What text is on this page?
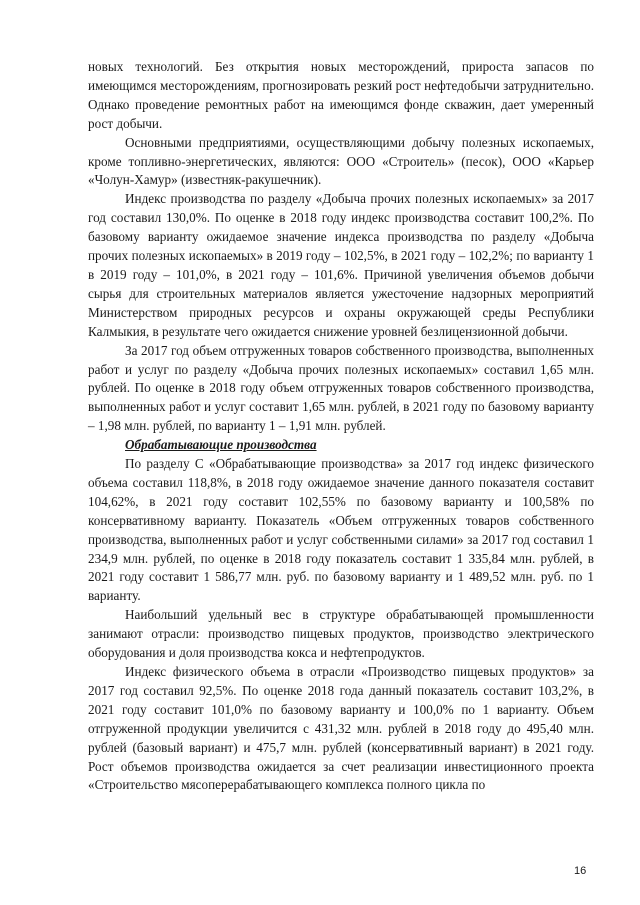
новых технологий. Без открытия новых месторождений, прироста запасов по имеющимся месторождениям, прогнозировать резкий рост нефтедобычи затруднительно. Однако проведение ремонтных работ на имеющимся фонде скважин, дает умеренный рост добычи.

Основными предприятиями, осуществляющими добычу полезных ископаемых, кроме топливно-энергетических, являются: ООО «Строитель» (песок), ООО «Карьер «Чолун-Хамур» (известняк-ракушечник).

Индекс производства по разделу «Добыча прочих полезных ископаемых» за 2017 год составил 130,0%. По оценке в 2018 году индекс производства составит 100,2%. По базовому варианту ожидаемое значение индекса производства по разделу «Добыча прочих полезных ископаемых» в 2019 году – 102,5%, в 2021 году – 102,2%; по варианту 1 в 2019 году – 101,0%, в 2021 году – 101,6%. Причиной увеличения объемов добычи сырья для строительных материалов является ужесточение надзорных мероприятий Министерством природных ресурсов и охраны окружающей среды Республики Калмыкия, в результате чего ожидается снижение уровней безлицензионной добычи.

За 2017 год объем отгруженных товаров собственного производства, выполненных работ и услуг по разделу «Добыча прочих полезных ископаемых» составил 1,65 млн. рублей. По оценке в 2018 году объем отгруженных товаров собственного производства, выполненных работ и услуг составит 1,65 млн. рублей, в 2021 году по базовому варианту – 1,98 млн. рублей, по варианту 1 – 1,91 млн. рублей.

Обрабатывающие производства

По разделу С «Обрабатывающие производства» за 2017 год индекс физического объема составил 118,8%, в 2018 году ожидаемое значение данного показателя составит 104,62%, в 2021 году составит 102,55% по базовому варианту и 100,58% по консервативному варианту. Показатель «Объем отгруженных товаров собственного производства, выполненных работ и услуг собственными силами» за 2017 год составил 1 234,9 млн. рублей, по оценке в 2018 году показатель составит 1 335,84 млн. рублей, в 2021 году составит 1 586,77 млн. руб. по базовому варианту и 1 489,52 млн. руб. по 1 варианту.

Наибольший удельный вес в структуре обрабатывающей промышленности занимают отрасли: производство пищевых продуктов, производство электрического оборудования и доля производства кокса и нефтепродуктов.

Индекс физического объема в отрасли «Производство пищевых продуктов» за 2017 год составил 92,5%. По оценке 2018 года данный показатель составит 103,2%, в 2021 году составит 101,0% по базовому варианту и 100,0% по 1 варианту. Объем отгруженной продукции увеличится с 431,32 млн. рублей в 2018 году до 495,40 млн. рублей (базовый вариант) и 475,7 млн. рублей (консервативный вариант) в 2021 году. Рост объемов производства ожидается за счет реализации инвестиционного проекта «Строительство мясоперерабатывающего комплекса полного цикла по

16
